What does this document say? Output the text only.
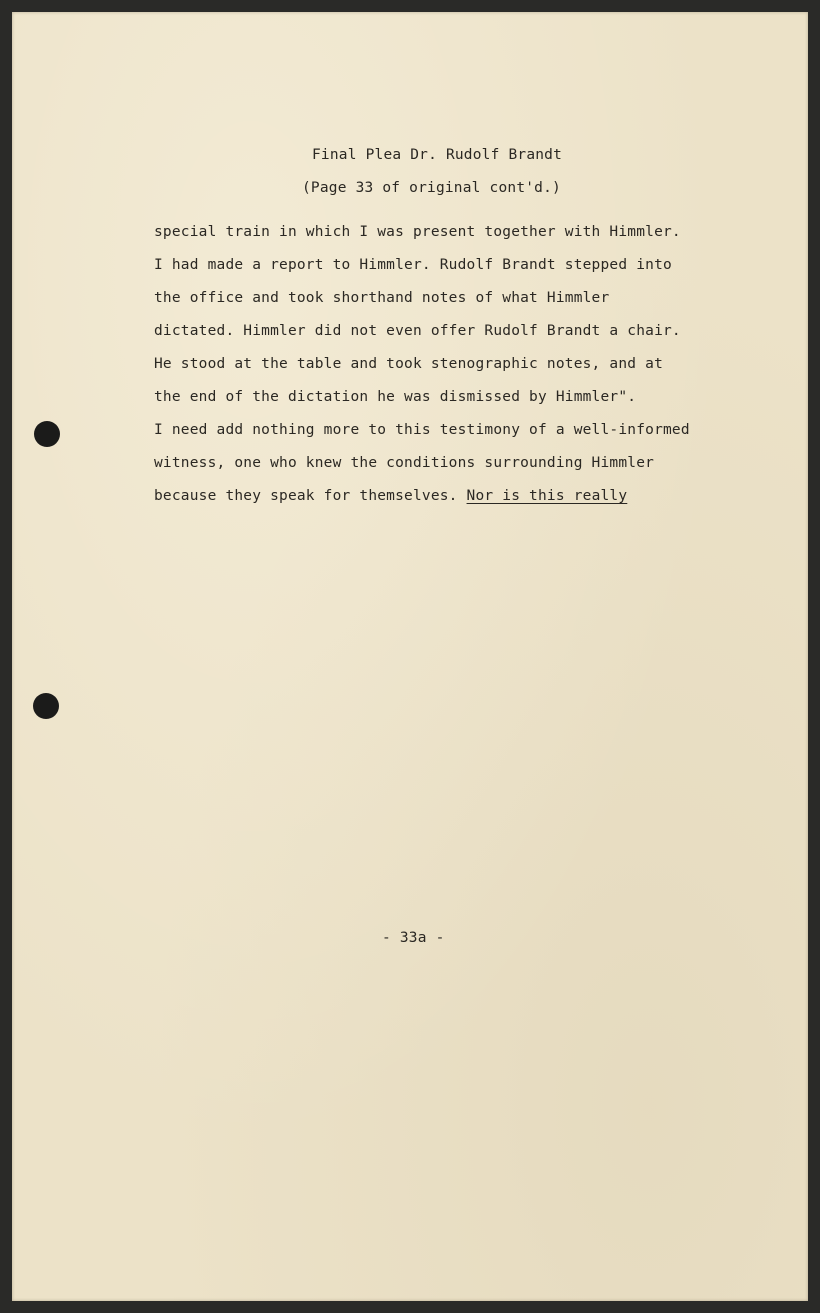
Final Plea Dr. Rudolf Brandt
(Page 33 of original cont'd.)
special train in which I was present together with Himmler.
I had made a report to Himmler. Rudolf Brandt stepped into
the office and took shorthand notes of what Himmler
dictated. Himmler did not even offer Rudolf Brandt a chair.
He stood at the table and took stenographic notes, and at
the end of the dictation he was dismissed by Himmler".
I need add nothing more to this testimony of a well-informed
witness, one who knew the conditions surrounding Himmler
because they speak for themselves. Nor is this really
- 33a -
